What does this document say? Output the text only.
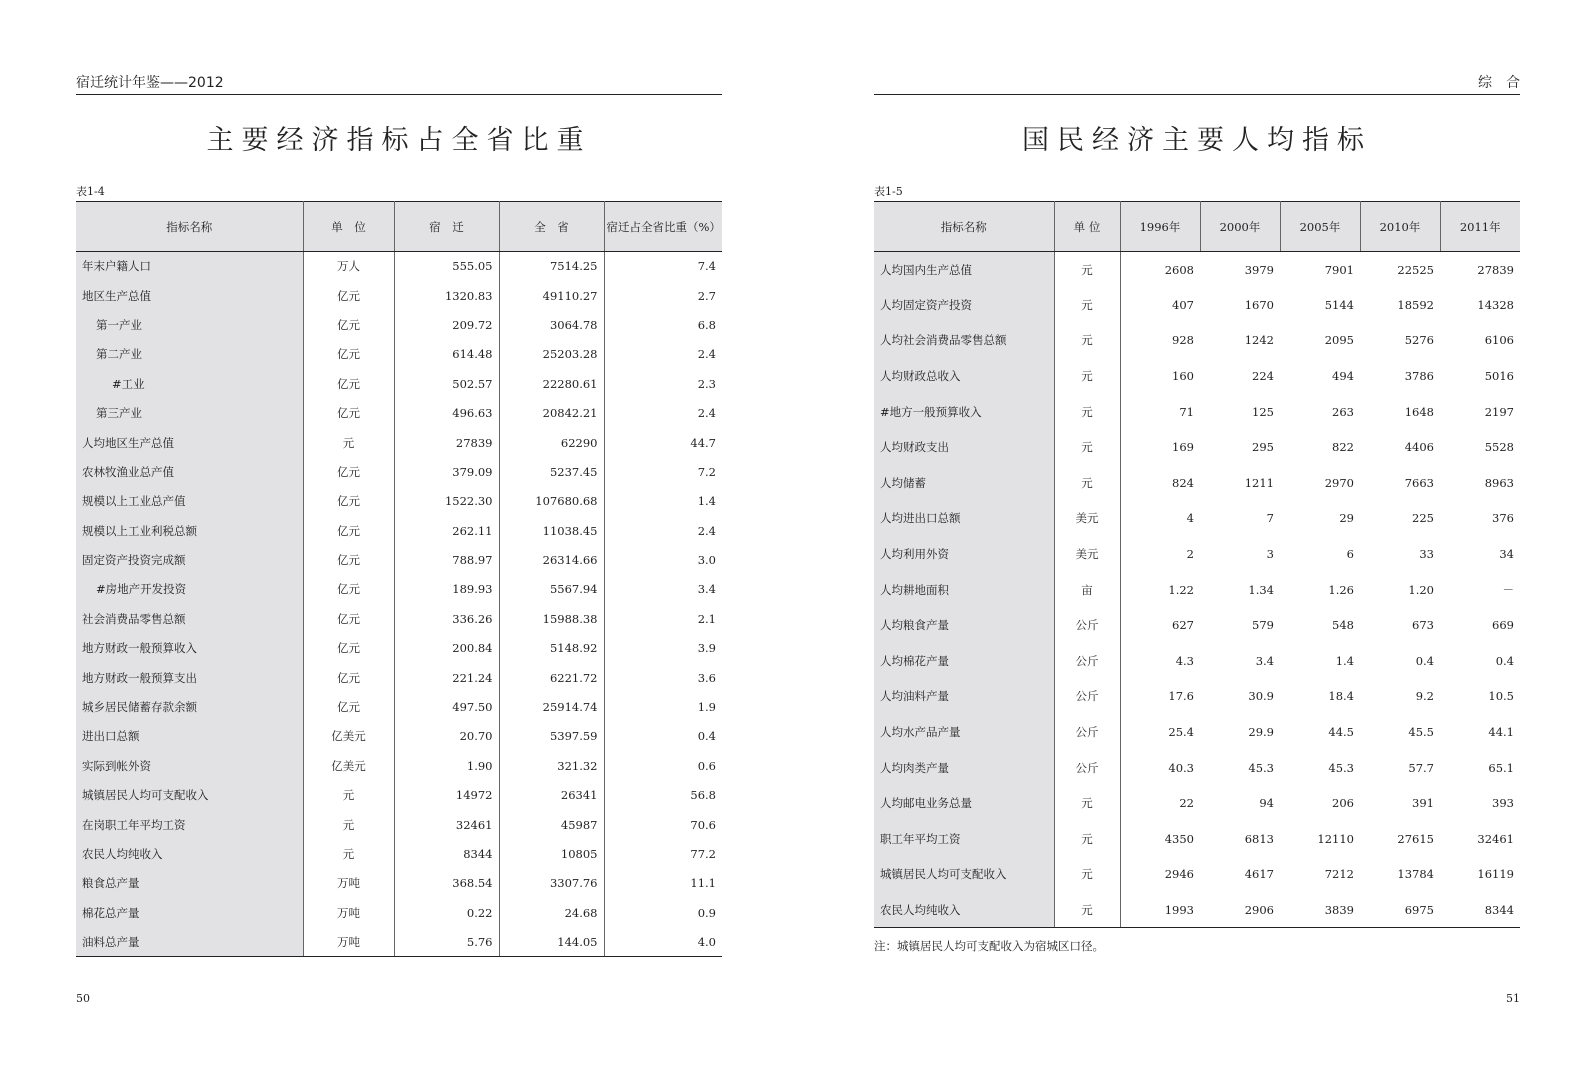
宿迁统计年鉴——2012
主要经济指标占全省比重
表1-4
指标名称	单　位	宿　迁	全　省	宿迁占全省比重（%）
年末户籍人口	万人	555.05	7514.25	7.4
地区生产总值	亿元	1320.83	49110.27	2.7
第一产业	亿元	209.72	3064.78	6.8
第二产业	亿元	614.48	25203.28	2.4
#工业	亿元	502.57	22280.61	2.3
第三产业	亿元	496.63	20842.21	2.4
人均地区生产总值	元	27839	62290	44.7
农林牧渔业总产值	亿元	379.09	5237.45	7.2
规模以上工业总产值	亿元	1522.30	107680.68	1.4
规模以上工业利税总额	亿元	262.11	11038.45	2.4
固定资产投资完成额	亿元	788.97	26314.66	3.0
#房地产开发投资	亿元	189.93	5567.94	3.4
社会消费品零售总额	亿元	336.26	15988.38	2.1
地方财政一般预算收入	亿元	200.84	5148.92	3.9
地方财政一般预算支出	亿元	221.24	6221.72	3.6
城乡居民储蓄存款余额	亿元	497.50	25914.74	1.9
进出口总额	亿美元	20.70	5397.59	0.4
实际到帐外资	亿美元	1.90	321.32	0.6
城镇居民人均可支配收入	元	14972	26341	56.8
在岗职工年平均工资	元	32461	45987	70.6
农民人均纯收入	元	8344	10805	77.2
粮食总产量	万吨	368.54	3307.76	11.1
棉花总产量	万吨	0.22	24.68	0.9
油料总产量	万吨	5.76	144.05	4.0
50
综合
国民经济主要人均指标
表1-5
指标名称	单 位	1996年	2000年	2005年	2010年	2011年
人均国内生产总值	元	2608	3979	7901	22525	27839
人均固定资产投资	元	407	1670	5144	18592	14328
人均社会消费品零售总额	元	928	1242	2095	5276	6106
人均财政总收入	元	160	224	494	3786	5016
#地方一般预算收入	元	71	125	263	1648	2197
人均财政支出	元	169	295	822	4406	5528
人均储蓄	元	824	1211	2970	7663	8963
人均进出口总额	美元	4	7	29	225	376
人均利用外资	美元	2	3	6	33	34
人均耕地面积	亩	1.22	1.34	1.26	1.20	－
人均粮食产量	公斤	627	579	548	673	669
人均棉花产量	公斤	4.3	3.4	1.4	0.4	0.4
人均油料产量	公斤	17.6	30.9	18.4	9.2	10.5
人均水产品产量	公斤	25.4	29.9	44.5	45.5	44.1
人均肉类产量	公斤	40.3	45.3	45.3	57.7	65.1
人均邮电业务总量	元	22	94	206	391	393
职工年平均工资	元	4350	6813	12110	27615	32461
城镇居民人均可支配收入	元	2946	4617	7212	13784	16119
农民人均纯收入	元	1993	2906	3839	6975	8344
注：城镇居民人均可支配收入为宿城区口径。
51
